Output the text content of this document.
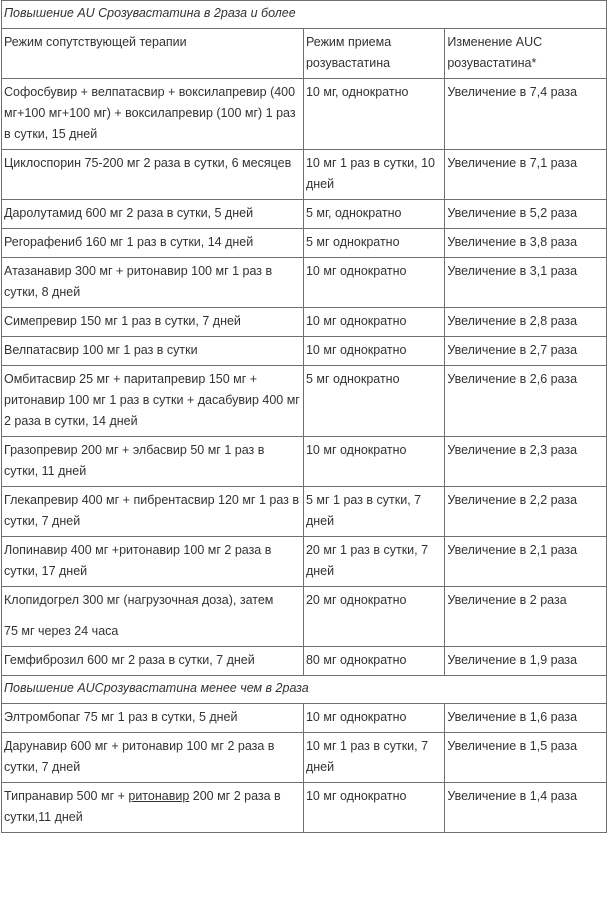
Повышение AU Срозувастатина в 2раза и более		
Режим сопутствующей терапии	Режим приема розувастатина	Изменение AUC розувастатина*
Софосбувир + велпатасвир + воксилапревир (400 мг+100 мг+100 мг) + воксилапревир (100 мг) 1 раз в сутки, 15 дней	10 мг, однократно	Увеличение в 7,4 раза
Циклоспорин 75-200 мг 2 раза в сутки, 6 месяцев	10 мг 1 раз в сутки, 10 дней	Увеличение в 7,1 раза
Даролутамид 600 мг 2 раза в сутки, 5 дней	5 мг, однократно	Увеличение в 5,2 раза
Регорафениб 160 мг 1 раз в сутки, 14 дней	5 мг однократно	Увеличение в 3,8 раза
Атазанавир 300 мг + ритонавир 100 мг 1 раз в сутки, 8 дней	10 мг однократно	Увеличение в 3,1 раза
Симепревир 150 мг 1 раз в сутки, 7 дней	10 мг однократно	Увеличение в 2,8 раза
Велпатасвир 100 мг 1 раз в сутки	10 мг однократно	Увеличение в 2,7 раза
Омбитасвир 25 мг + паритапревир 150 мг + ритонавир 100 мг 1 раз в сутки + дасабувир 400 мг 2 раза в сутки, 14 дней	5 мг однократно	Увеличение в 2,6 раза
Гразопревир 200 мг + элбасвир 50 мг 1 раз в сутки, 11 дней	10 мг однократно	Увеличение в 2,3 раза
Глекапревир 400 мг + пибрентасвир 120 мг 1 раз в сутки, 7 дней	5 мг 1 раз в сутки, 7 дней	Увеличение в 2,2 раза
Лопинавир 400 мг +ритонавир 100 мг 2 раза в сутки, 17 дней	20 мг 1 раз в сутки, 7 дней	Увеличение в 2,1 раза
Клопидогрел 300 мг (нагрузочная доза), затем
75 мг через 24 часа	20 мг однократно	Увеличение в 2 раза
Гемфиброзил 600 мг 2 раза в сутки, 7 дней	80 мг однократно	Увеличение в 1,9 раза
Повышение AUCрозувастатина менее чем в 2раза		
Элтромбопаг 75 мг 1 раз в сутки, 5 дней	10 мг однократно	Увеличение в 1,6 раза
Дарунавир 600 мг + ритонавир 100 мг 2 раза в сутки, 7 дней	10 мг 1 раз в сутки, 7 дней	Увеличение в 1,5 раза
Типранавир 500 мг + ритонавир 200 мг 2 раза в сутки,11 дней	10 мг однократно	Увеличение в 1,4 раза
